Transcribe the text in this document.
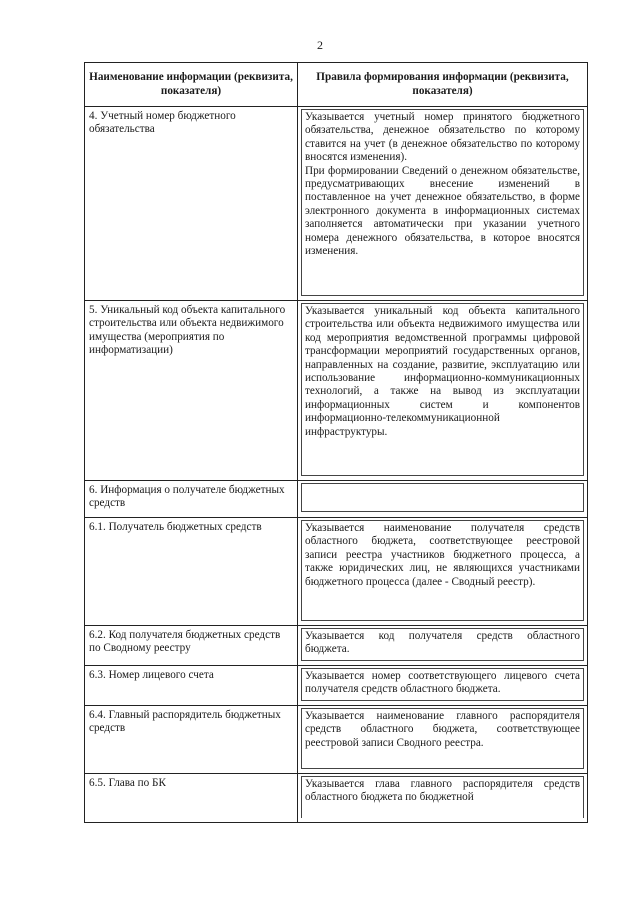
2
Наименование информации (реквизита, показателя)	Правила формирования информации (реквизита, показателя)

4. Учетный номер бюджетного обязательства	Указывается учетный номер принятого бюджетного обязательства, денежное обязательство по которому ставится на учет (в денежное обязательство по которому вносятся изменения).

При формировании Сведений о денежном обязательстве, предусматривающих внесение изменений в поставленное на учет денежное обязательство, в форме электронного документа в информационных системах заполняется автоматически при указании учетного номера денежного обязательства, в которое вносятся изменения.

5. Уникальный код объекта капитального строительства или объекта недвижимого имущества (мероприятия по информатизации)	Указывается уникальный код объекта капитального строительства или объекта недвижимого имущества или код мероприятия ведомственной программы цифровой трансформации мероприятий государственных органов, направленных на создание, развитие, эксплуатацию или использование информационно-коммуникационных технологий, а также на вывод из эксплуатации информационных систем и компонентов информационно-телекоммуникационной инфраструктуры.

6. Информация о получателе бюджетных средств	

6.1. Получатель бюджетных средств	Указывается наименование получателя средств областного бюджета, соответствующее реестровой записи реестра участников бюджетного процесса, а также юридических лиц, не являющихся участниками бюджетного процесса (далее - Сводный реестр).

6.2. Код получателя бюджетных средств по Сводному реестру	Указывается код получателя средств областного бюджета.

6.3. Номер лицевого счета	Указывается номер соответствующего лицевого счета получателя средств областного бюджета.

6.4. Главный распорядитель бюджетных средств	Указывается наименование главного распорядителя средств областного бюджета, соответствующее реестровой записи Сводного реестра.

6.5. Глава по БК	Указывается глава главного распорядителя средств областного бюджета по бюджетной
